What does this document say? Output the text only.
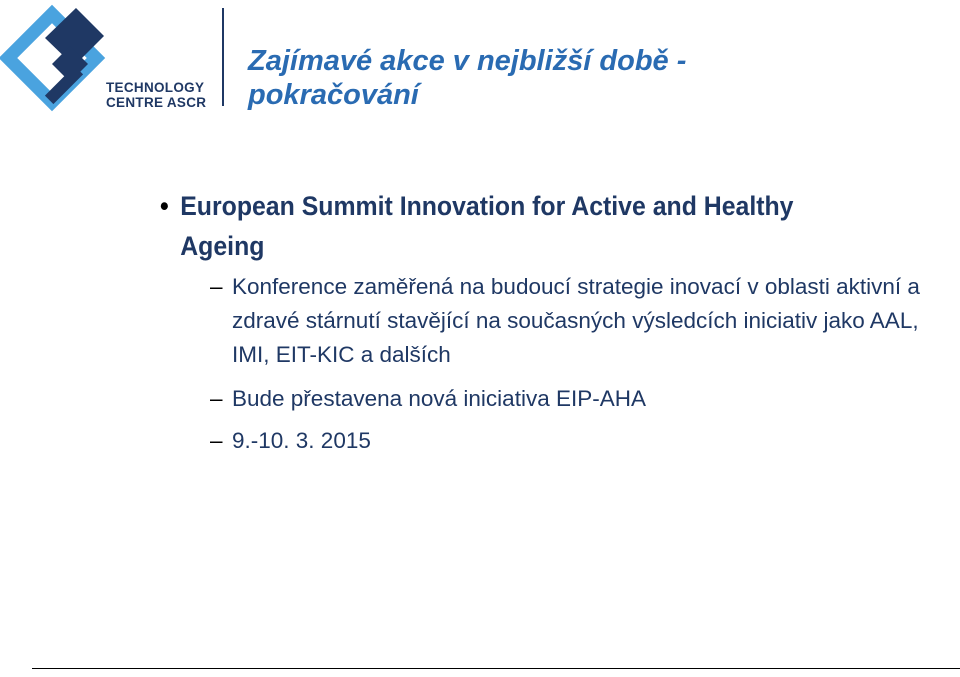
TECHNOLOGY
CENTRE ASCR
Zajímavé akce v nejbližší době -
pokračování
• European Summit Innovation for Active and Healthy Ageing
– Konference zaměřená na budoucí strategie inovací v oblasti aktivní a zdravé stárnutí stavějící na současných výsledcích iniciativ jako AAL, IMI, EIT-KIC a dalších
– Bude přestavena nová iniciativa EIP-AHA
– 9.-10. 3. 2015
